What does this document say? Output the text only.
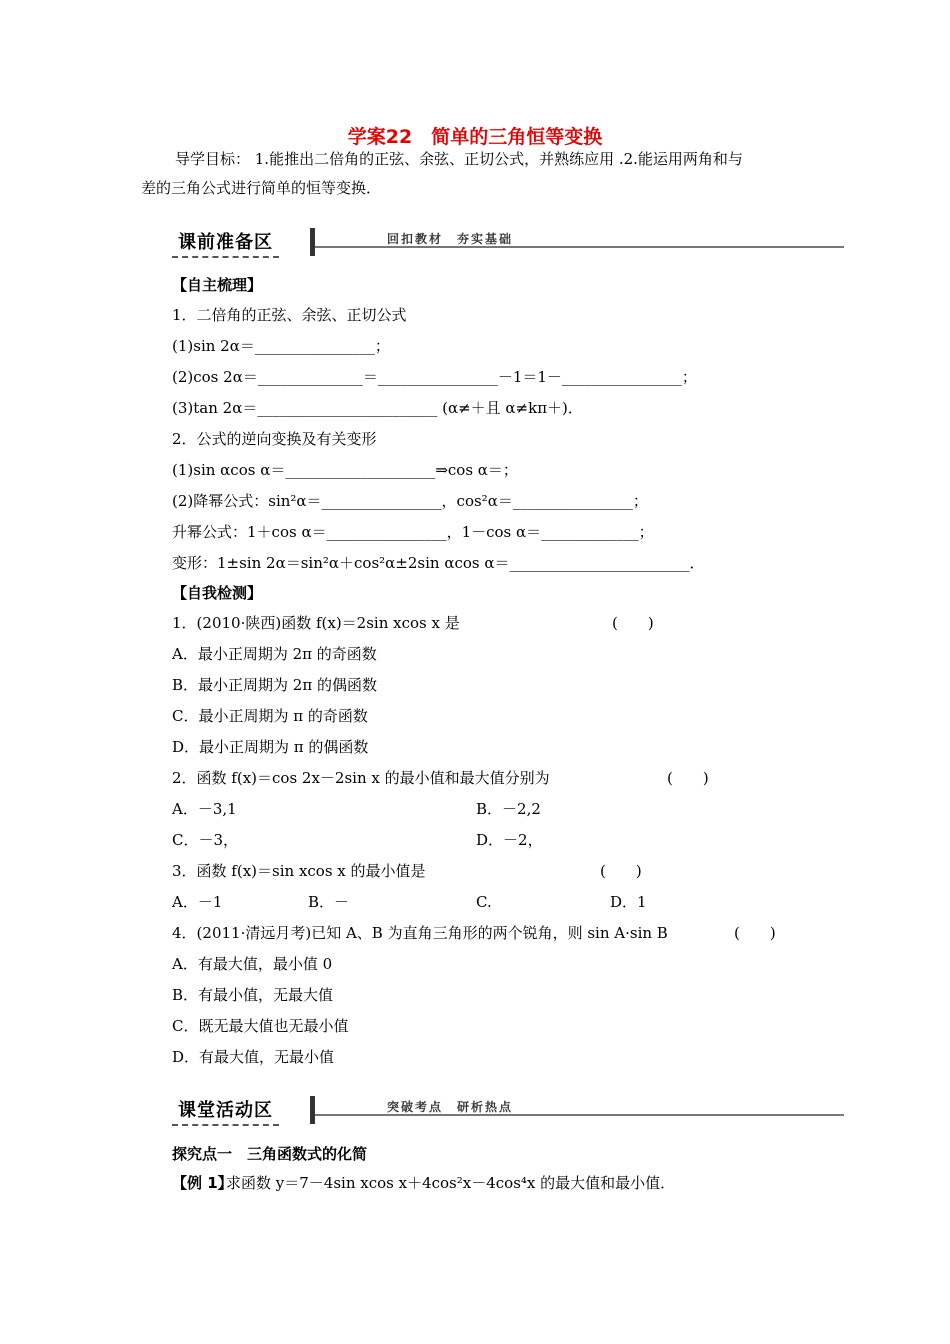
学案22　简单的三角恒等变换
导学目标： 1.能推出二倍角的正弦、余弦、正切公式，并熟练应用 .2.能运用两角和与
差的三角公式进行简单的恒等变换．
课前准备区	回扣教材　夯实基础
【自主梳理】
1．二倍角的正弦、余弦、正切公式
(1)sin 2α＝________________；
(2)cos 2α＝______________＝________________－1＝1－________________；
(3)tan 2α＝________________________ (α≠＋且 α≠kπ＋)．
2．公式的逆向变换及有关变形
(1)sin αcos α＝____________________⇒cos α＝；
(2)降幂公式：sin²α＝________________，cos²α＝________________；
升幂公式：1＋cos α＝________________，1－cos α＝_____________；
变形：1±sin 2α＝sin²α＋cos²α±2sin αcos α＝________________________．
【自我检测】
1．(2010·陕西)函数 f(x)＝2sin xcos x 是	(　　)
A．最小正周期为 2π 的奇函数
B．最小正周期为 2π 的偶函数
C．最小正周期为 π 的奇函数
D．最小正周期为 π 的偶函数
2．函数 f(x)＝cos 2x－2sin x 的最小值和最大值分别为	(　　)
A．－3,1	B．－2,2
C．－3，	D．－2，
3．函数 f(x)＝sin xcos x 的最小值是	(　　)
A．－1	B．－	C.	D．1
4．(2011·清远月考)已知 A、B 为直角三角形的两个锐角，则 sin A·sin B	(　　)
A．有最大值，最小值 0
B．有最小值，无最大值
C．既无最大值也无最小值
D．有最大值，无最小值
课堂活动区	突破考点　研析热点
探究点一　三角函数式的化简
【例 1】
求函数 y＝7－4sin xcos x＋4cos²x－4cos⁴x 的最大值和最小值．
